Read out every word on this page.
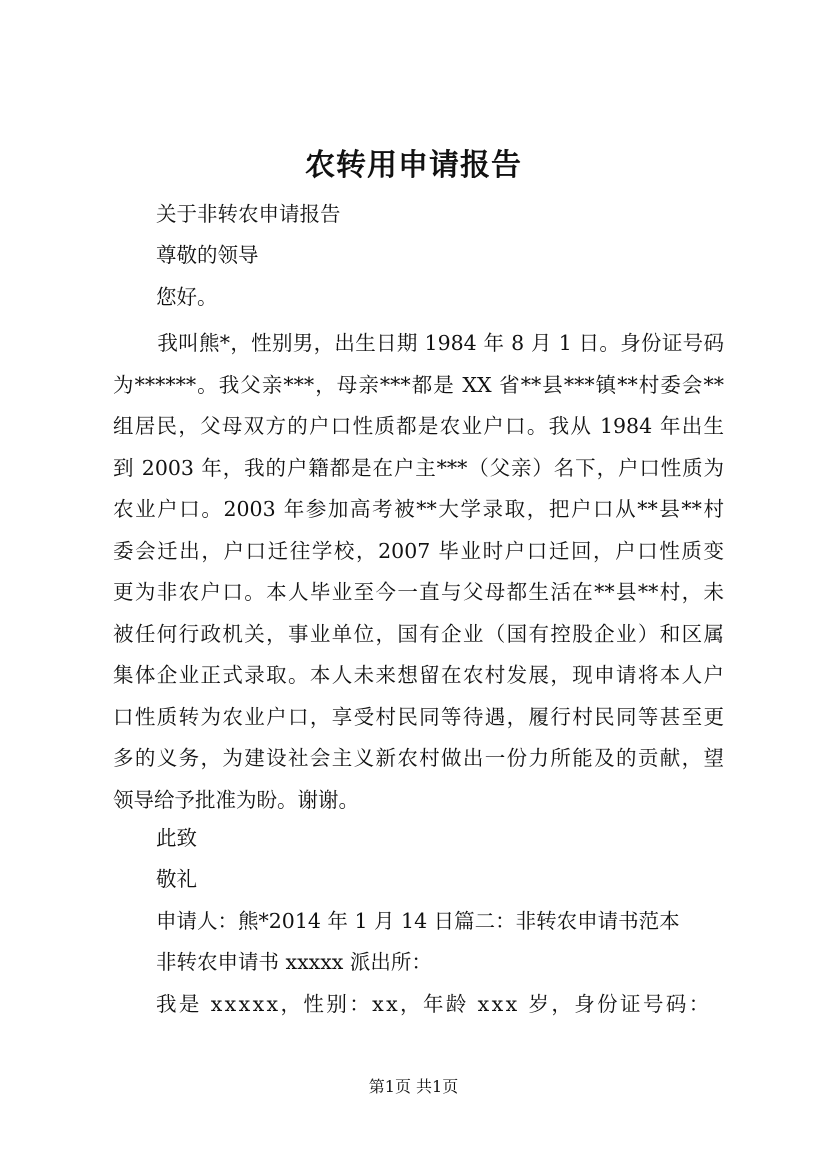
农转用申请报告

关于非转农申请报告

尊敬的领导

您好。

我叫熊*，性别男，出生日期 1984 年 8 月 1 日。身份证号码
为******。我父亲***，母亲***都是 XX 省**县***镇**村委会**
组居民，父母双方的户口性质都是农业户口。我从 1984 年出生
到 2003 年，我的户籍都是在户主***（父亲）名下，户口性质为
农业户口。2003 年参加高考被**大学录取，把户口从**县**村
委会迁出，户口迁往学校，2007 毕业时户口迁回，户口性质变
更为非农户口。本人毕业至今一直与父母都生活在**县**村，未
被任何行政机关，事业单位，国有企业（国有控股企业）和区属
集体企业正式录取。本人未来想留在农村发展，现申请将本人户
口性质转为农业户口，享受村民同等待遇，履行村民同等甚至更
多的义务，为建设社会主义新农村做出一份力所能及的贡献，望
领导给予批准为盼。谢谢。

此致

敬礼

申请人：熊*2014 年 1 月 14 日篇二：非转农申请书范本

非转农申请书 xxxxx 派出所：

我是 xxxxx，性别：xx，年龄 xxx 岁，身份证号码：

第1页 共1页
